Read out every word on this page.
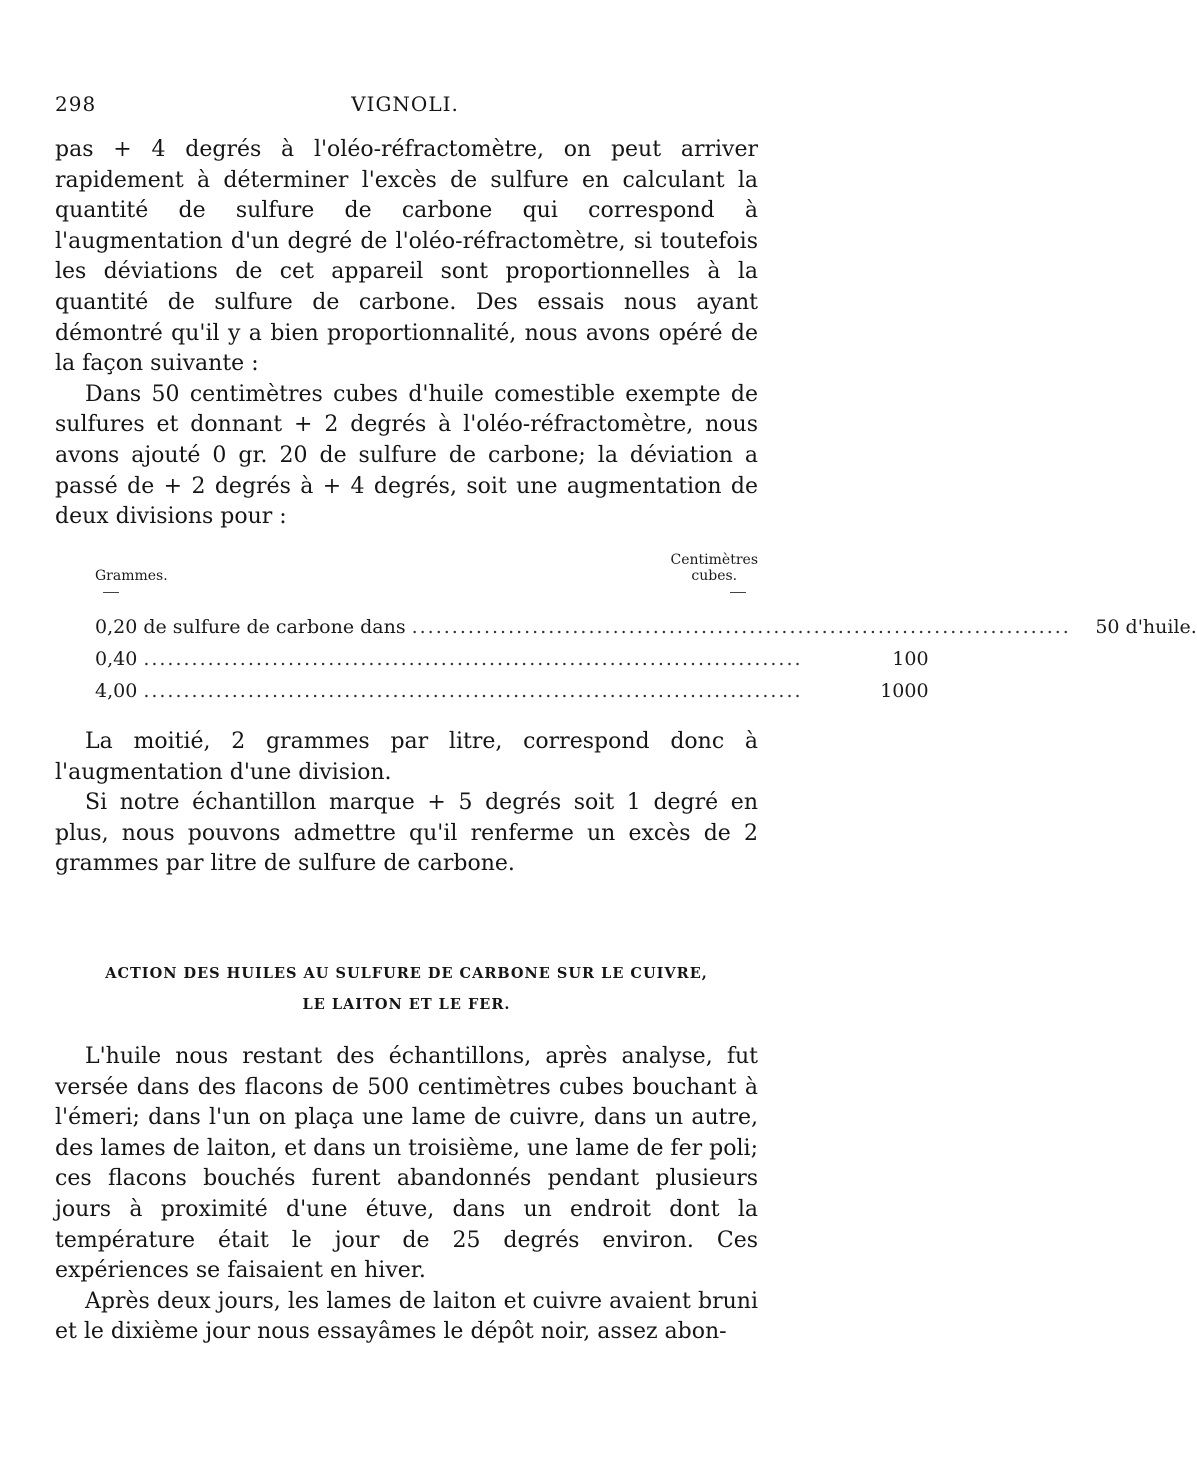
298	VIGNOLI.

pas + 4 degrés à l'oléo-réfractomètre, on peut arriver rapidement à déterminer l'excès de sulfure en calculant la quantité de sulfure de carbone qui correspond à l'augmentation d'un degré de l'oléo-réfractomètre, si toutefois les déviations de cet appareil sont proportionnelles à la quantité de sulfure de carbone. Des essais nous ayant démontré qu'il y a bien proportionnalité, nous avons opéré de la façon suivante :

Dans 50 centimètres cubes d'huile comestible exempte de sulfures et donnant + 2 degrés à l'oléo-réfractomètre, nous avons ajouté 0 gr. 20 de sulfure de carbone; la déviation a passé de + 2 degrés à + 4 degrés, soit une augmentation de deux divisions pour :

Grammes.
Centimètres
cubes.
0,20 de sulfure de carbone dans ..................................................................................	50 d'huile.
0,40 ..................................................................................	100
4,00 ..................................................................................	1000

La moitié, 2 grammes par litre, correspond donc à l'augmentation d'une division.

Si notre échantillon marque + 5 degrés soit 1 degré en plus, nous pouvons admettre qu'il renferme un excès de 2 grammes par litre de sulfure de carbone.

ACTION DES HUILES AU SULFURE DE CARBONE SUR LE CUIVRE,
LE LAITON ET LE FER.

L'huile nous restant des échantillons, après analyse, fut versée dans des flacons de 500 centimètres cubes bouchant à l'émeri; dans l'un on plaça une lame de cuivre, dans un autre, des lames de laiton, et dans un troisième, une lame de fer poli; ces flacons bouchés furent abandonnés pendant plusieurs jours à proximité d'une étuve, dans un endroit dont la température était le jour de 25 degrés environ. Ces expériences se faisaient en hiver.

Après deux jours, les lames de laiton et cuivre avaient bruni et le dixième jour nous essayâmes le dépôt noir, assez abon-
